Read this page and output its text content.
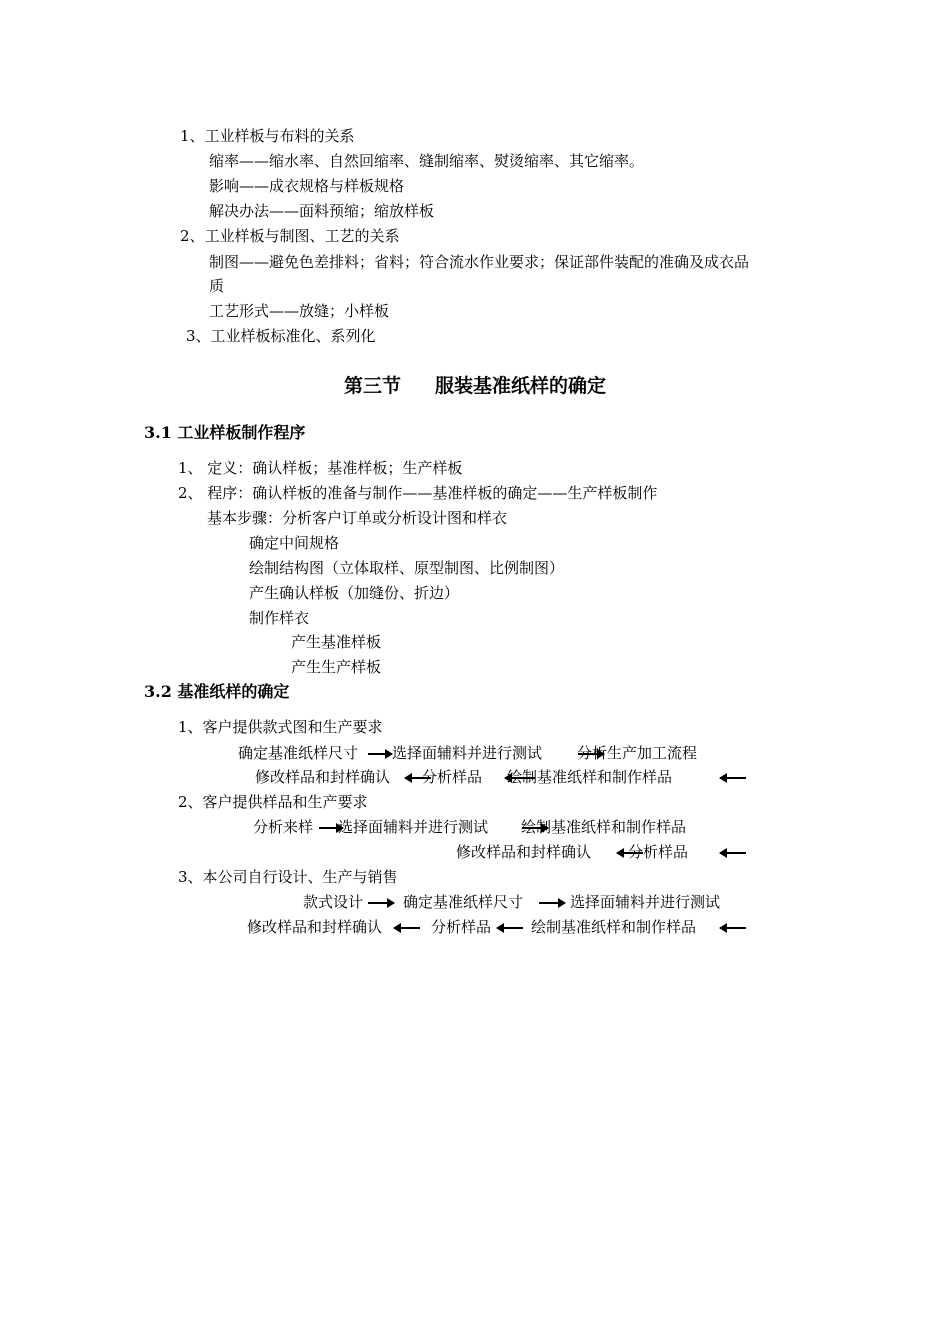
1、工业样板与布料的关系
缩率——缩水率、自然回缩率、缝制缩率、熨烫缩率、其它缩率。
影响——成衣规格与样板规格
解决办法——面料预缩；缩放样板
2、工业样板与制图、工艺的关系
制图——避免色差排料；省料；符合流水作业要求；保证部件装配的准确及成衣品
质
工艺形式——放缝；小样板
3、工业样板标准化、系列化
第三节 服装基准纸样的确定
3.1 工业样板制作程序
1、 定义：确认样板；基准样板；生产样板
2、 程序：确认样板的准备与制作——基准样板的确定——生产样板制作
基本步骤：分析客户订单或分析设计图和样衣
确定中间规格
绘制结构图（立体取样、原型制图、比例制图）
产生确认样板（加缝份、折边）
制作样衣
产生基准样板
产生生产样板
3.2 基准纸样的确定
1、客户提供款式图和生产要求
确定基准纸样尺寸 选择面辅料并进行测试 分析生产加工流程
修改样品和封样确认 分析样品 绘制基准纸样和制作样品
2、客户提供样品和生产要求
分析来样 选择面辅料并进行测试 绘制基准纸样和制作样品
修改样品和封样确认 分析样品
3、本公司自行设计、生产与销售
款式设计	确定基准纸样尺寸	选择面辅料并进行测试
修改样品和封样确认	分析样品	绘制基准纸样和制作样品
